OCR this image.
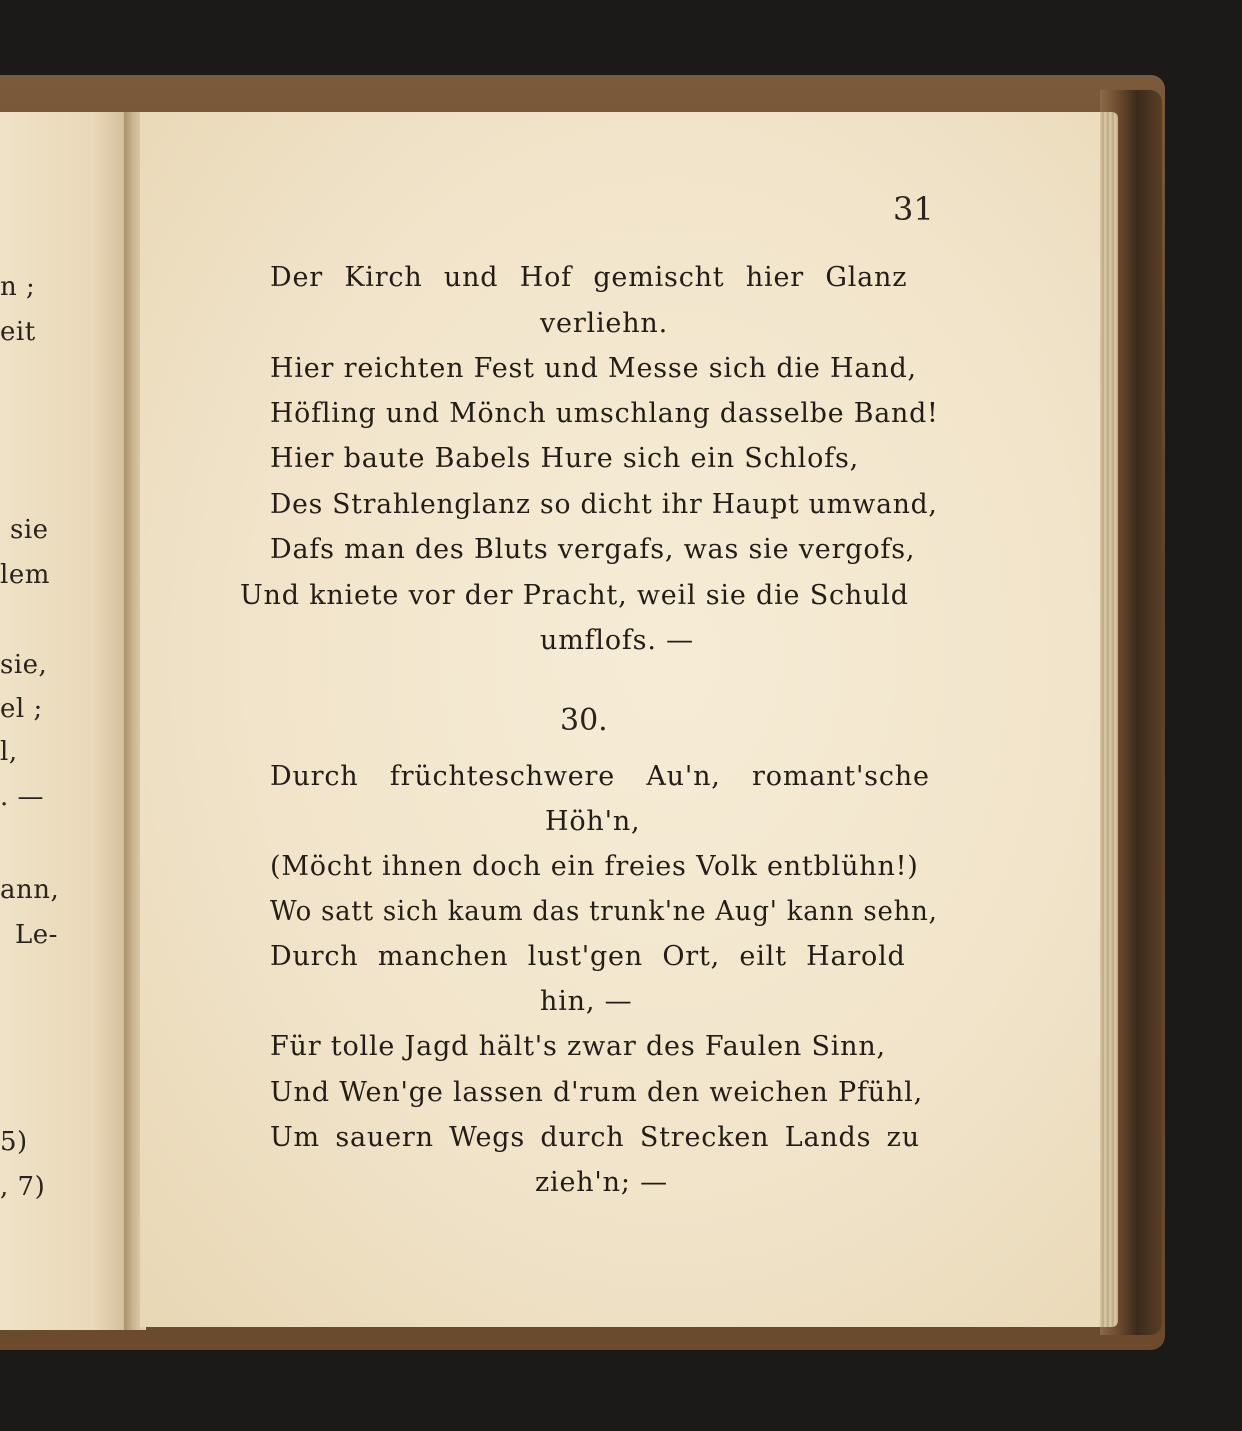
n ;
eit
sie
lem
sie,
el ;
l,
. —
ann,
Le-
5)
, 7)
31
Der Kirch und Hof gemischt hier Glanz
verliehn.
Hier reichten Fest und Messe sich die Hand,
Höfling und Mönch umschlang dasselbe Band!
Hier baute Babels Hure sich ein Schlofs,
Des Strahlenglanz so dicht ihr Haupt umwand,
Dafs man des Bluts vergafs, was sie vergofs,
Und kniete vor der Pracht, weil sie die Schuld
umflofs. —
30.
Durch früchteschwere Au'n, romant'sche
Höh'n,
(Möcht ihnen doch ein freies Volk entblühn!)
Wo satt sich kaum das trunk'ne Aug' kann sehn,
Durch manchen lust'gen Ort, eilt Harold
hin, —
Für tolle Jagd hält's zwar des Faulen Sinn,
Und Wen'ge lassen d'rum den weichen Pfühl,
Um sauern Wegs durch Strecken Lands zu
zieh'n; —
